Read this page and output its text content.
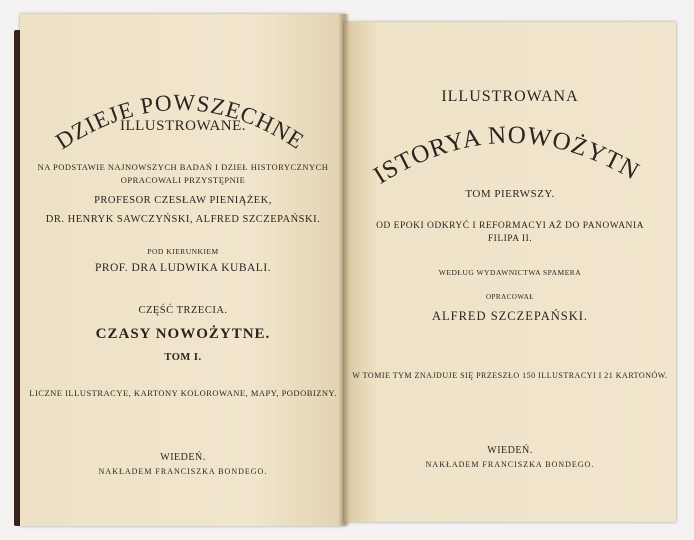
DZIEJE POWSZECHNE
ILLUSTROWANE.
NA PODSTAWIE NAJNOWSZYCH BADAŃ I DZIEŁ HISTORYCZNYCH
OPRACOWALI PRZYSTĘPNIE
PROFESOR CZESŁAW PIENIĄŻEK,
DR. HENRYK SAWCZYŃSKI, ALFRED SZCZEPAŃSKI.
POD KIERUNKIEM
PROF. DRA LUDWIKA KUBALI.
CZĘŚĆ TRZECIA.
CZASY NOWOŻYTNE.
TOM I.
LICZNE ILLUSTRACYE, KARTONY KOLOROWANE, MAPY, PODOBIZNY.
WIEDEŃ.
NAKŁADEM FRANCISZKA BONDEGO.
ILLUSTROWANA
HISTORYA NOWOŻYTNA.
TOM PIERWSZY.
OD EPOKI ODKRYĆ I REFORMACYI AŻ DO PANOWANIA
FILIPA II.
WEDŁUG WYDAWNICTWA SPAMERA
OPRACOWAŁ
ALFRED SZCZEPAŃSKI.
W TOMIE TYM ZNAJDUJE SIĘ PRZESZŁO 150 ILLUSTRACYI I 21 KARTONÓW.
WIEDEŃ.
NAKŁADEM FRANCISZKA BONDEGO.
